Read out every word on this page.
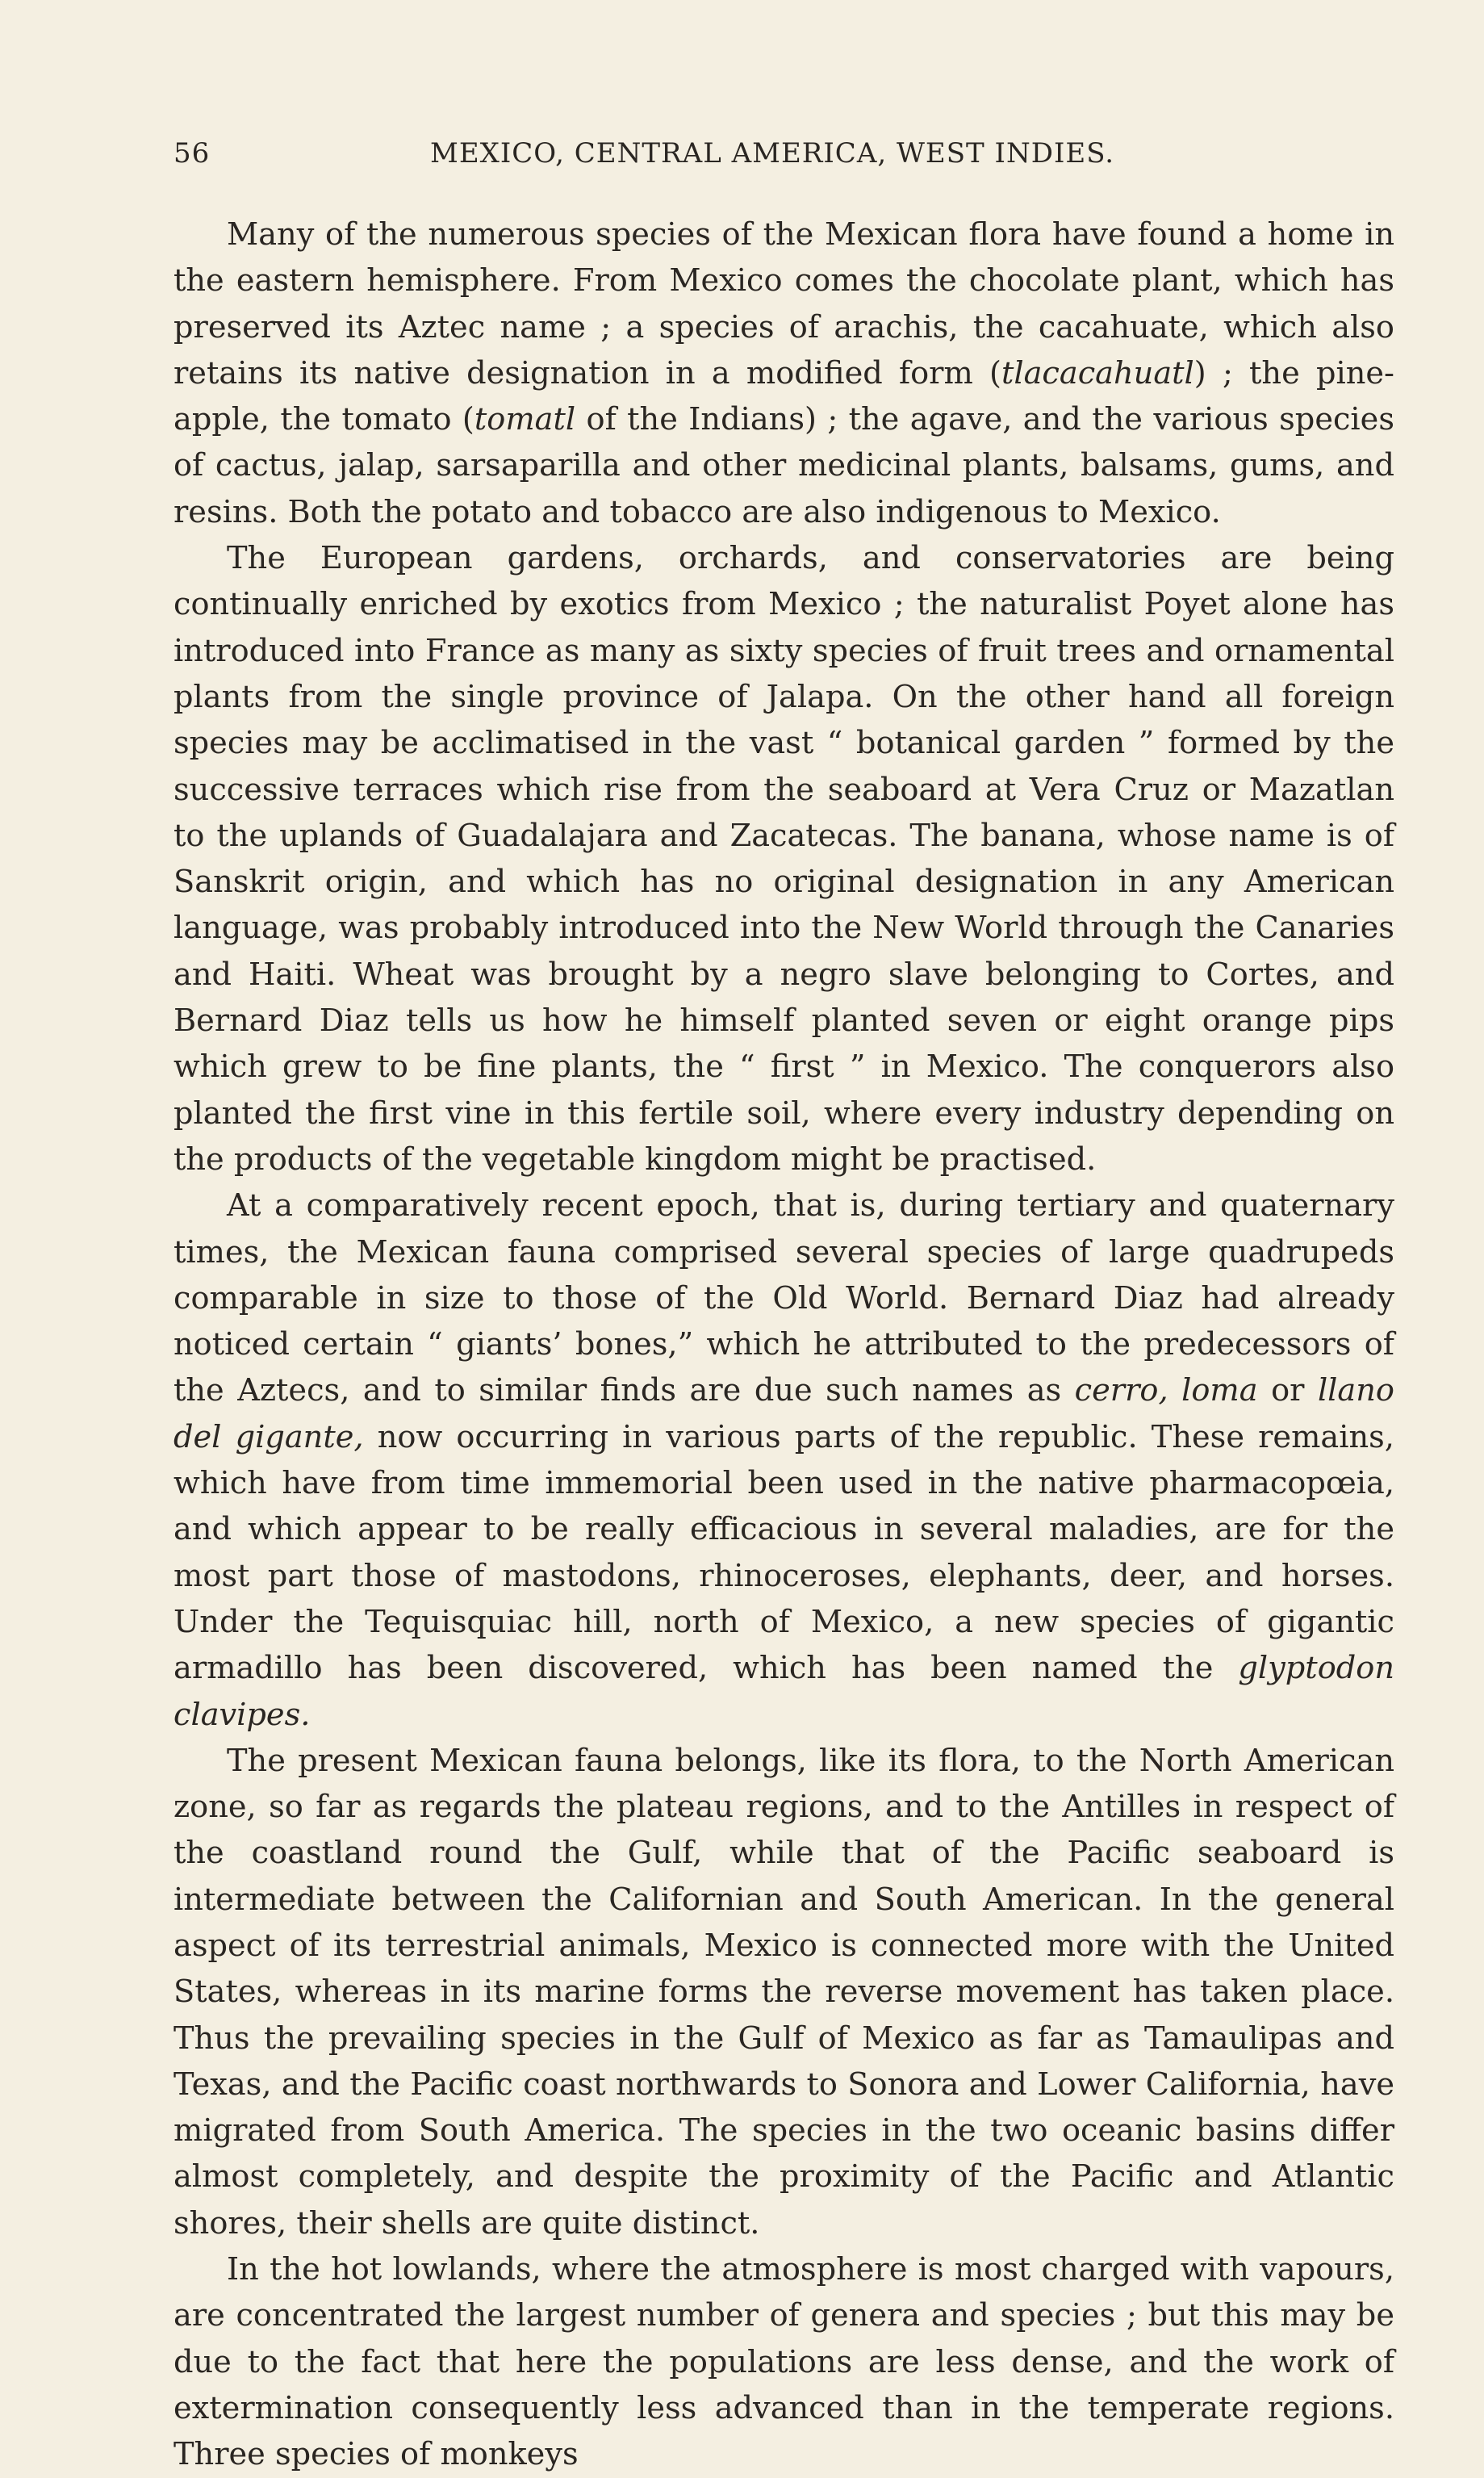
56	MEXICO, CENTRAL AMERICA, WEST INDIES.

Many of the numerous species of the Mexican flora have found a home in the eastern hemisphere. From Mexico comes the chocolate plant, which has preserved its Aztec name ; a species of arachis, the cacahuate, which also retains its native designation in a modified form (tlacacahuatl) ; the pine-apple, the tomato (tomatl of the Indians) ; the agave, and the various species of cactus, jalap, sarsaparilla and other medicinal plants, balsams, gums, and resins. Both the potato and tobacco are also indigenous to Mexico.

The European gardens, orchards, and conservatories are being continually enriched by exotics from Mexico ; the naturalist Poyet alone has introduced into France as many as sixty species of fruit trees and ornamental plants from the single province of Jalapa. On the other hand all foreign species may be acclimatised in the vast “ botanical garden ” formed by the successive terraces which rise from the seaboard at Vera Cruz or Mazatlan to the uplands of Guadalajara and Zacatecas. The banana, whose name is of Sanskrit origin, and which has no original designation in any American language, was probably introduced into the New World through the Canaries and Haiti. Wheat was brought by a negro slave belonging to Cortes, and Bernard Diaz tells us how he himself planted seven or eight orange pips which grew to be fine plants, the “ first ” in Mexico. The conquerors also planted the first vine in this fertile soil, where every industry depending on the products of the vegetable kingdom might be practised.

At a comparatively recent epoch, that is, during tertiary and quaternary times, the Mexican fauna comprised several species of large quadrupeds comparable in size to those of the Old World. Bernard Diaz had already noticed certain “ giants’ bones,” which he attributed to the predecessors of the Aztecs, and to similar finds are due such names as cerro, loma or llano del gigante, now occurring in various parts of the republic. These remains, which have from time immemorial been used in the native pharmacopœia, and which appear to be really efficacious in several maladies, are for the most part those of mastodons, rhinoceroses, elephants, deer, and horses. Under the Tequisquiac hill, north of Mexico, a new species of gigantic armadillo has been discovered, which has been named the glyptodon clavipes.

The present Mexican fauna belongs, like its flora, to the North American zone, so far as regards the plateau regions, and to the Antilles in respect of the coastland round the Gulf, while that of the Pacific seaboard is intermediate between the Californian and South American. In the general aspect of its terrestrial animals, Mexico is connected more with the United States, whereas in its marine forms the reverse movement has taken place. Thus the prevailing species in the Gulf of Mexico as far as Tamaulipas and Texas, and the Pacific coast northwards to Sonora and Lower California, have migrated from South America. The species in the two oceanic basins differ almost completely, and despite the proximity of the Pacific and Atlantic shores, their shells are quite distinct.

In the hot lowlands, where the atmosphere is most charged with vapours, are concentrated the largest number of genera and species ; but this may be due to the fact that here the populations are less dense, and the work of extermination consequently less advanced than in the temperate regions. Three species of monkeys
